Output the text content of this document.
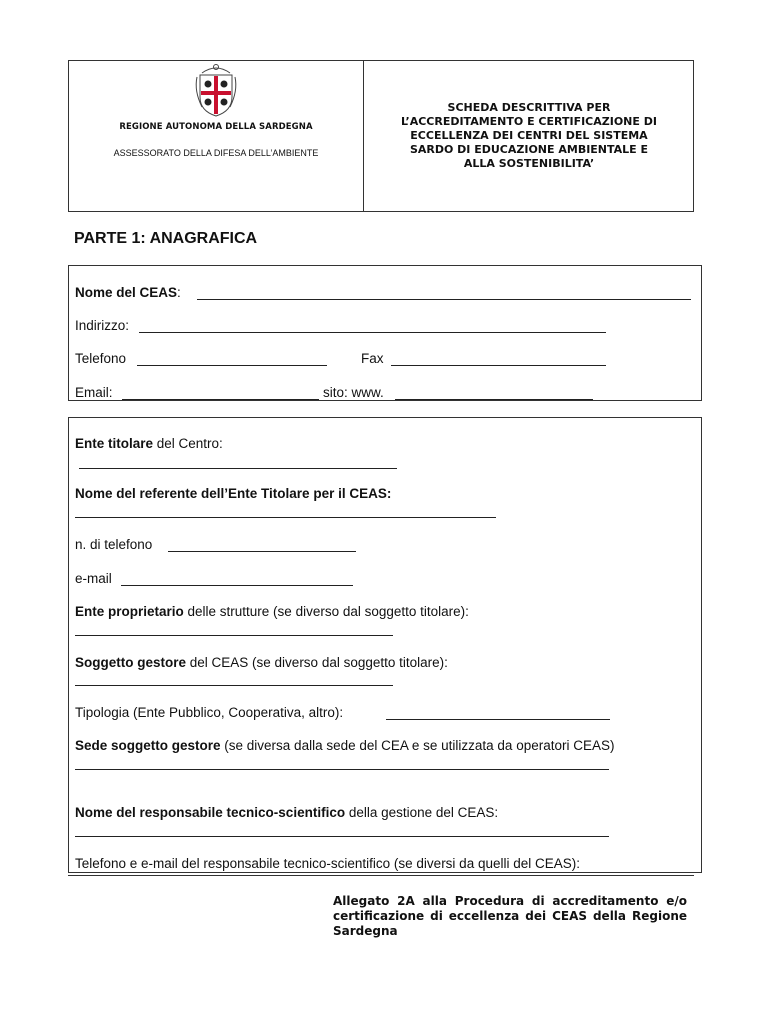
REGIONE AUTONOMA DELLA SARDEGNA
ASSESSORATO DELLA DIFESA DELL’AMBIENTE
SCHEDA DESCRITTIVA PER
L’ACCREDITAMENTO E CERTIFICAZIONE DI
ECCELLENZA DEI CENTRI DEL SISTEMA
SARDO DI EDUCAZIONE AMBIENTALE E
ALLA SOSTENIBILITA’
PARTE 1: ANAGRAFICA
Nome del CEAS:
Indirizzo:
Telefono	Fax
Email:	sito: www.
Ente titolare del Centro:
Nome del referente dell’Ente Titolare per il CEAS:
n. di telefono
e-mail
Ente proprietario delle strutture (se diverso dal soggetto titolare):
Soggetto gestore del CEAS (se diverso dal soggetto titolare):
Tipologia (Ente Pubblico, Cooperativa, altro):
Sede soggetto gestore (se diversa dalla sede del CEA e se utilizzata da operatori CEAS)
Nome del responsabile tecnico-scientifico della gestione del CEAS:
Telefono e e-mail del responsabile tecnico-scientifico (se diversi da quelli del CEAS):
Allegato 2A alla Procedura di accreditamento e/o certificazione di eccellenza dei CEAS della Regione Sardegna
